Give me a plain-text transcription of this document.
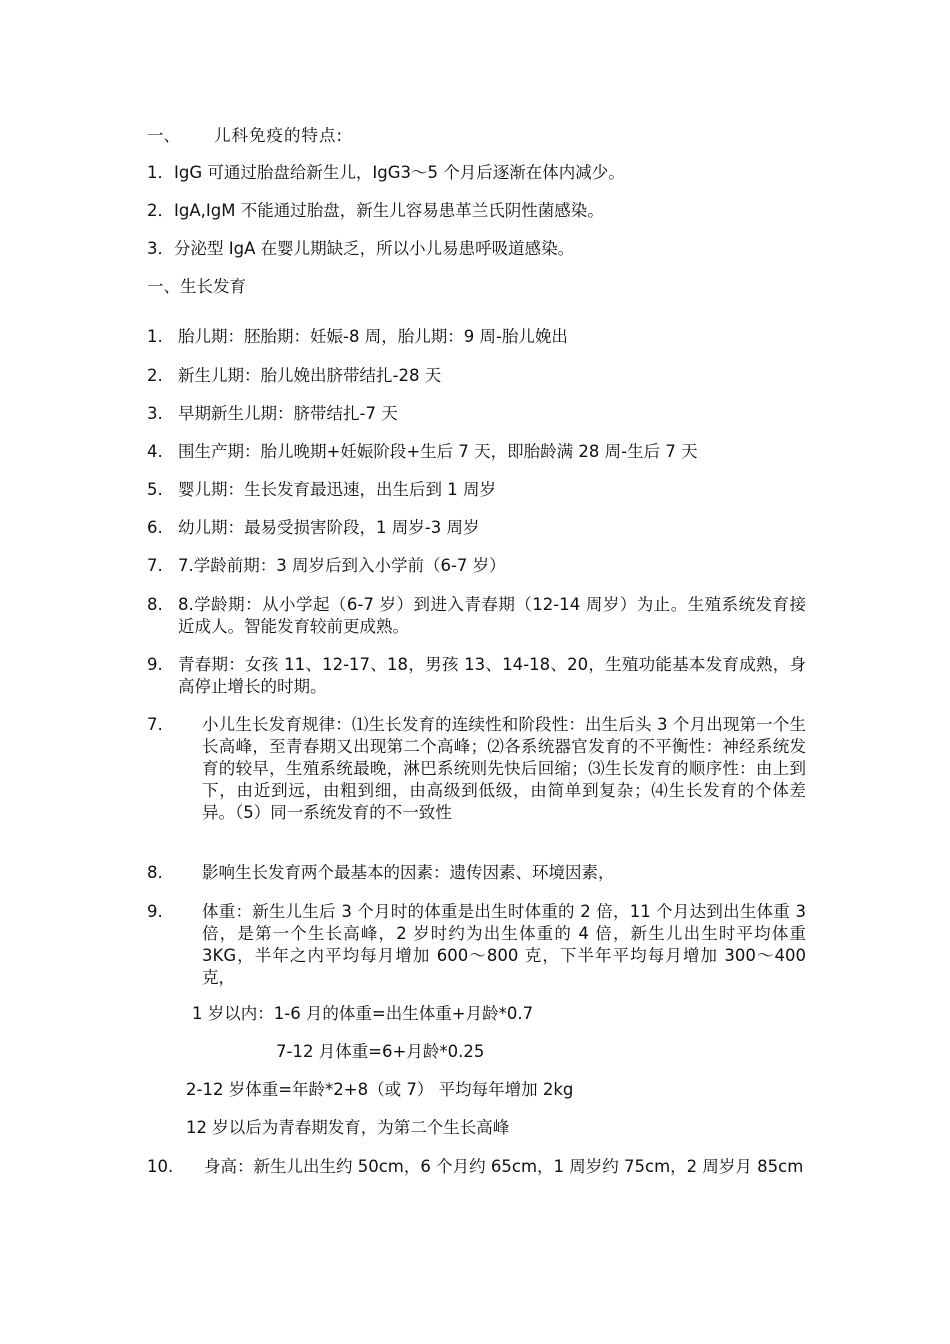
一、 儿科免疫的特点:
1．IgG 可通过胎盘给新生儿，IgG3～5 个月后逐渐在体内减少。
2．IgA,IgM 不能通过胎盘，新生儿容易患革兰氏阴性菌感染。
3．分泌型 IgA 在婴儿期缺乏，所以小儿易患呼吸道感染。
一、生长发育
1. 胎儿期：胚胎期：妊娠-8 周，胎儿期：9 周-胎儿娩出
2. 新生儿期：胎儿娩出脐带结扎-28 天
3. 早期新生儿期：脐带结扎-7 天
4. 围生产期：胎儿晚期+妊娠阶段+生后 7 天，即胎龄满 28 周-生后 7 天
5. 婴儿期：生长发育最迅速，出生后到 1 周岁
6. 幼儿期：最易受损害阶段，1 周岁-3 周岁
7. 7.学龄前期：3 周岁后到入小学前（6-7 岁）
8. 8.学龄期：从小学起（6-7 岁）到进入青春期（12-14 周岁）为止。生殖系统发育接近成人。智能发育较前更成熟。
9. 青春期：女孩 11、12-17、18，男孩 13、14-18、20，生殖功能基本发育成熟，身高停止增长的时期。
7. 小儿生长发育规律：⑴生长发育的连续性和阶段性：出生后头 3 个月出现第一个生长高峰，至青春期又出现第二个高峰；⑵各系统器官发育的不平衡性：神经系统发育的较早，生殖系统最晚，淋巴系统则先快后回缩；⑶生长发育的顺序性：由上到下，由近到远，由粗到细，由高级到低级，由简单到复杂；⑷生长发育的个体差异。（5）同一系统发育的不一致性
8. 影响生长发育两个最基本的因素：遗传因素、环境因素，
9. 体重：新生儿生后 3 个月时的体重是出生时体重的 2 倍，11 个月达到出生体重 3 倍，是第一个生长高峰，2 岁时约为出生体重的 4 倍，新生儿出生时平均体重 3KG，半年之内平均每月增加 600～800 克，下半年平均每月增加 300～400 克，
1 岁以内：1-6 月的体重=出生体重+月龄*0.7
7-12 月体重=6+月龄*0.25
2-12 岁体重=年龄*2+8（或 7） 平均每年增加 2kg
12 岁以后为青春期发育，为第二个生长高峰
10. 身高：新生儿出生约 50cm，6 个月约 65cm，1 周岁约 75cm，2 周岁月 85cm
